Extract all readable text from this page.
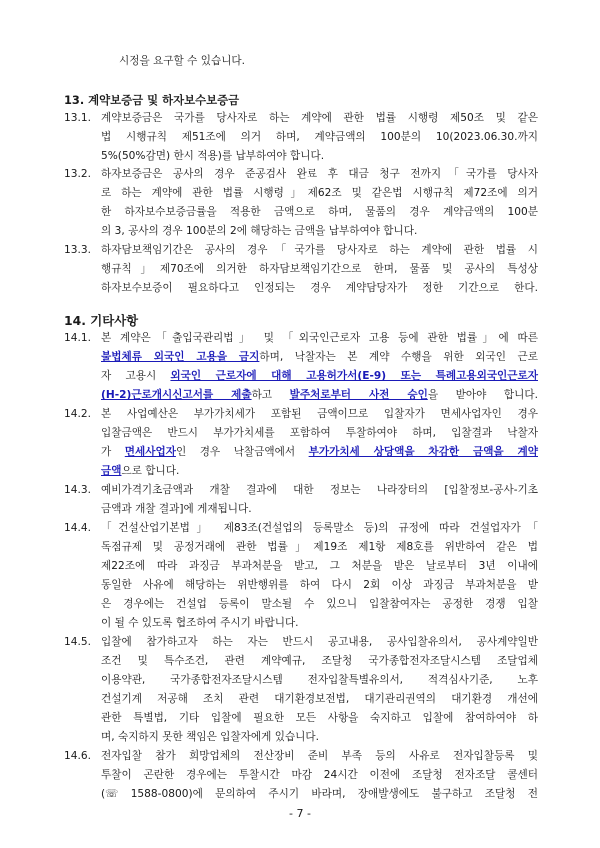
시정을 요구할 수 있습니다.
13. 계약보증금 및 하자보수보증금
13.1. 계약보증금은 국가를 당사자로 하는 계약에 관한 법률 시행령 제50조 및 같은
법 시행규칙 제51조에 의거 하며, 계약금액의 100분의 10(2023.06.30.까지
5%(50%감면) 한시 적용)를 납부하여야 합니다.
13.2. 하자보증금은 공사의 경우 준공검사 완료 후 대금 청구 전까지「국가를 당사자
로 하는 계약에 관한 법률 시행령」제62조 및 같은법 시행규칙 제72조에 의거
한 하자보수보증금률을 적용한 금액으로 하며, 물품의 경우 계약금액의 100분
의 3, 공사의 경우 100분의 2에 해당하는 금액을 납부하여야 합니다.
13.3. 하자담보책임기간은 공사의 경우「국가를 당사자로 하는 계약에 관한 법률 시
행규칙」제70조에 의거한 하자담보책임기간으로 한며, 물품 및 공사의 특성상
하자보수보증이 필요하다고 인정되는 경우 계약담당자가 정한 기간으로 한다.
14. 기타사항
14.1. 본 계약은「출입국관리법」 및 「외국인근로자 고용 등에 관한 법률」에 따른
불법체류 외국인 고용을 금지하며, 낙찰자는 본 계약 수행을 위한 외국인 근로
자 고용시 외국인 근로자에 대해 고용허가서(E-9) 또는 특례고용외국인근로자
(H-2)근로개시신고서를 제출하고 발주처로부터 사전 승인을 받아야 합니다.
14.2. 본 사업예산은 부가가치세가 포함된 금액이므로 입찰자가 면세사업자인 경우
입찰금액은 반드시 부가가치세를 포함하여 투찰하여야 하며, 입찰결과 낙찰자
가 면세사업자인 경우 낙찰금액에서 부가가치세 상당액을 차감한 금액을 계약
금액으로 합니다.
14.3. 예비가격기초금액과 개찰 결과에 대한 정보는 나라장터의 [입찰정보-공사-기초
금액과 개찰 결과]에 게재됩니다.
14.4. 「건설산업기본법」 제83조(건설업의 등록말소 등)의 규정에 따라 건설업자가「
독점규제 및 공정거래에 관한 법률」제19조 제1항 제8호를 위반하여 같은 법
제22조에 따라 과징금 부과처분을 받고, 그 처분을 받은 날로부터 3년 이내에
동일한 사유에 해당하는 위반행위를 하여 다시 2회 이상 과징금 부과처분을 받
은 경우에는 건설업 등록이 말소될 수 있으니 입찰참여자는 공정한 경쟁 입찰
이 될 수 있도록 협조하여 주시기 바랍니다.
14.5. 입찰에 참가하고자 하는 자는 반드시 공고내용, 공사입찰유의서, 공사계약일반
조건 및 특수조건, 관련 계약예규, 조달청 국가종합전자조달시스템 조달업체
이용약관, 국가종합전자조달시스템 전자입찰특별유의서, 적격심사기준, 노후
건설기계 저공해 조치 관련 대기환경보전법, 대기관리권역의 대기환경 개선에
관한 특별법, 기타 입찰에 필요한 모든 사항을 숙지하고 입찰에 참여하여야 하
며, 숙지하지 못한 책임은 입찰자에게 있습니다.
14.6. 전자입찰 참가 희망업체의 전산장비 준비 부족 등의 사유로 전자입찰등록 및
투찰이 곤란한 경우에는 투찰시간 마감 24시간 이전에 조달청 전자조달 콜센터
(☏ 1588-0800)에 문의하여 주시기 바라며, 장애발생에도 불구하고 조달청 전
- 7 -
